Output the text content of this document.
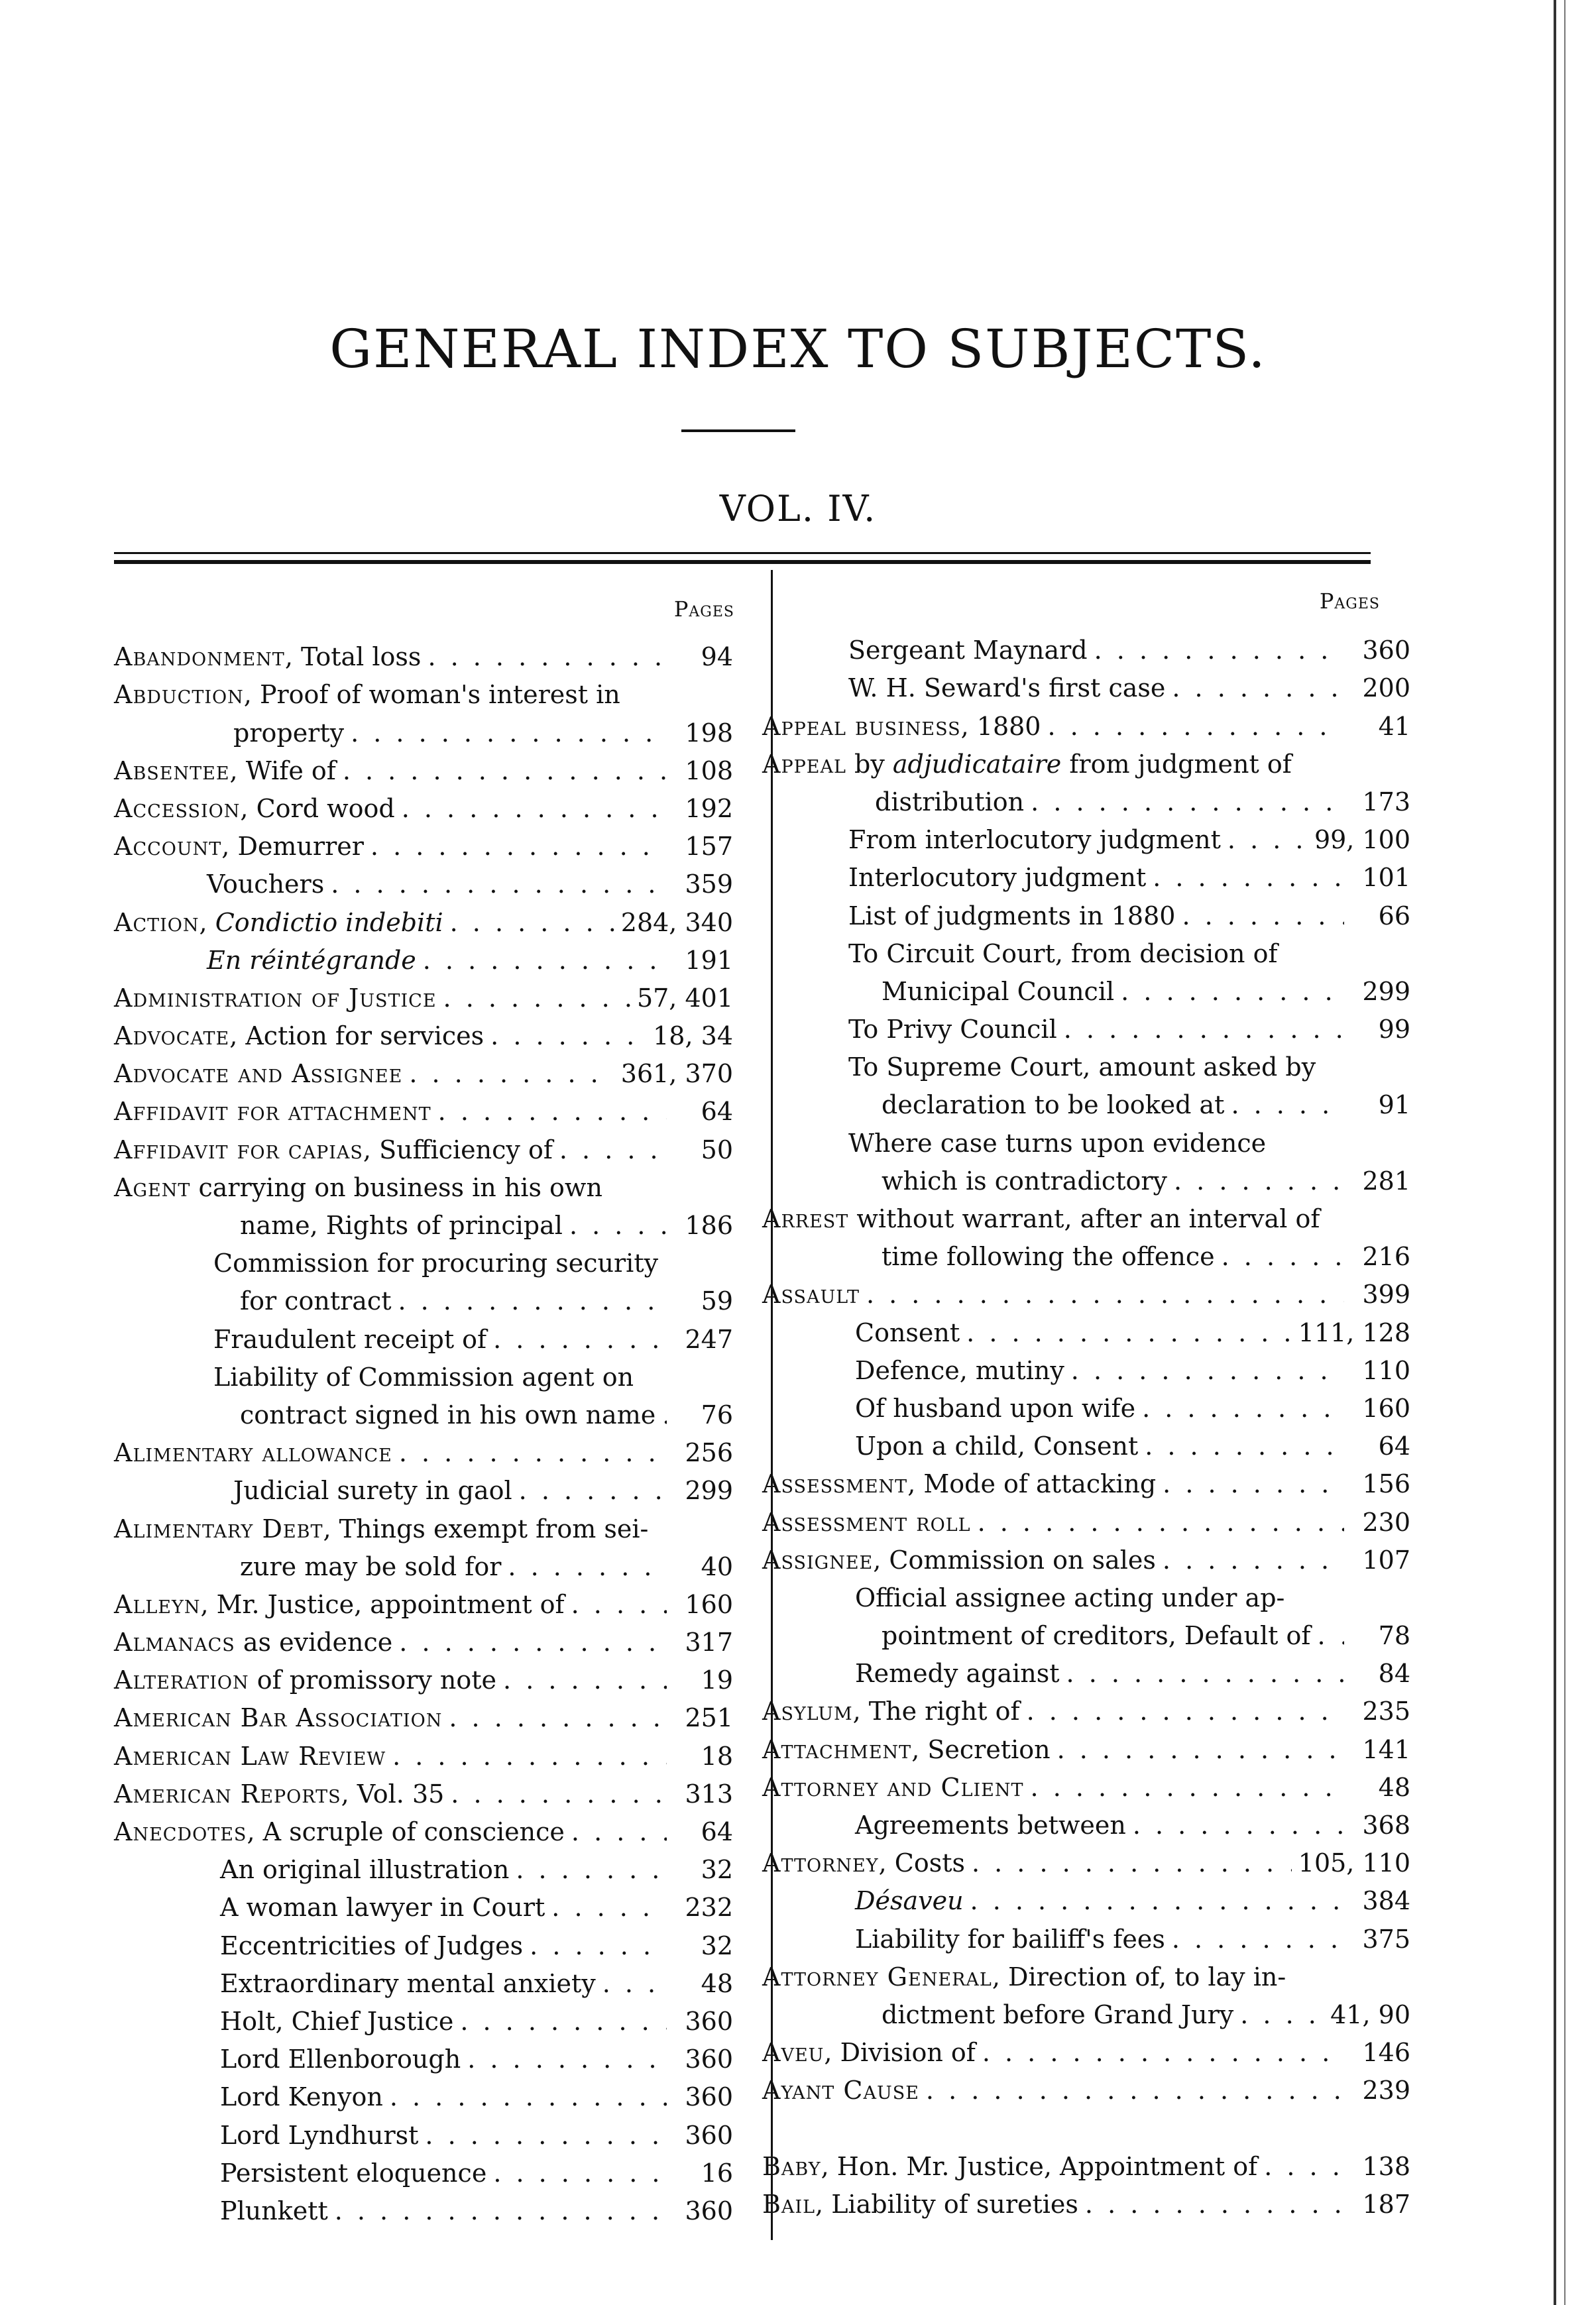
GENERAL INDEX TO SUBJECTS.
VOL. IV.
Pages
Abandonment, Total loss . . .	94
Abduction, Proof of woman's interest in
property . . .	198
Absentee, Wife of . . .	108
Accession, Cord wood . . .	192
Account, Demurrer . . .	157
Vouchers . . .	359
Action, Condictio indebiti . . .	284, 340
En réintégrande . . .	191
Administration of Justice . . .	57, 401
Advocate, Action for services . . .	18, 34
Advocate and Assignee . . .	361, 370
Affidavit for attachment . . .	64
Affidavit for capias, Sufficiency of . . .	50
Agent carrying on business in his own
name, Rights of principal . . .	186
Commission for procuring security
for contract . . .	59
Fraudulent receipt of . . .	247
Liability of Commission agent on
contract signed in his own name . . .	76
Alimentary allowance . . .	256
Judicial surety in gaol . . .	299
Alimentary Debt, Things exempt from sei-
zure may be sold for . . .	40
Alleyn, Mr. Justice, appointment of . . .	160
Almanacs as evidence . . .	317
Alteration of promissory note . . .	19
American Bar Association . . .	251
American Law Review . . .	18
American Reports, Vol. 35 . . .	313
Anecdotes, A scruple of conscience . . .	64
An original illustration . . .	32
A woman lawyer in Court . . .	232
Eccentricities of Judges . . .	32
Extraordinary mental anxiety . . .	48
Holt, Chief Justice . . .	360
Lord Ellenborough . . .	360
Lord Kenyon . . .	360
Lord Lyndhurst . . .	360
Persistent eloquence . . .	16
Plunkett . . .	360
Pages
Sergeant Maynard . . .	360
W. H. Seward's first case . . .	200
Appeal business, 1880 . . .	41
Appeal by adjudicataire from judgment of
distribution . . .	173
From interlocutory judgment . . .	99, 100
Interlocutory judgment . . .	101
List of judgments in 1880 . . .	66
To Circuit Court, from decision of
Municipal Council . . .	299
To Privy Council . . .	99
To Supreme Court, amount asked by
declaration to be looked at . . .	91
Where case turns upon evidence
which is contradictory . . .	281
Arrest without warrant, after an interval of
time following the offence . . .	216
Assault . . .	399
Consent . . .	111, 128
Defence, mutiny . . .	110
Of husband upon wife . . .	160
Upon a child, Consent . . .	64
Assessment, Mode of attacking . . .	156
Assessment roll . . .	230
Assignee, Commission on sales . . .	107
Official assignee acting under ap-
pointment of creditors, Default of . . .	78
Remedy against . . .	84
Asylum, The right of . . .	235
Attachment, Secretion . . .	141
Attorney and Client . . .	48
Agreements between . . .	368
Attorney, Costs . . .	105, 110
Désaveu . . .	384
Liability for bailiff's fees . . .	375
Attorney General, Direction of, to lay in-
dictment before Grand Jury . . .	41, 90
Aveu, Division of . . .	146
Ayant Cause . . .	239
Baby, Hon. Mr. Justice, Appointment of . . .	138
Bail, Liability of sureties . . .	187
